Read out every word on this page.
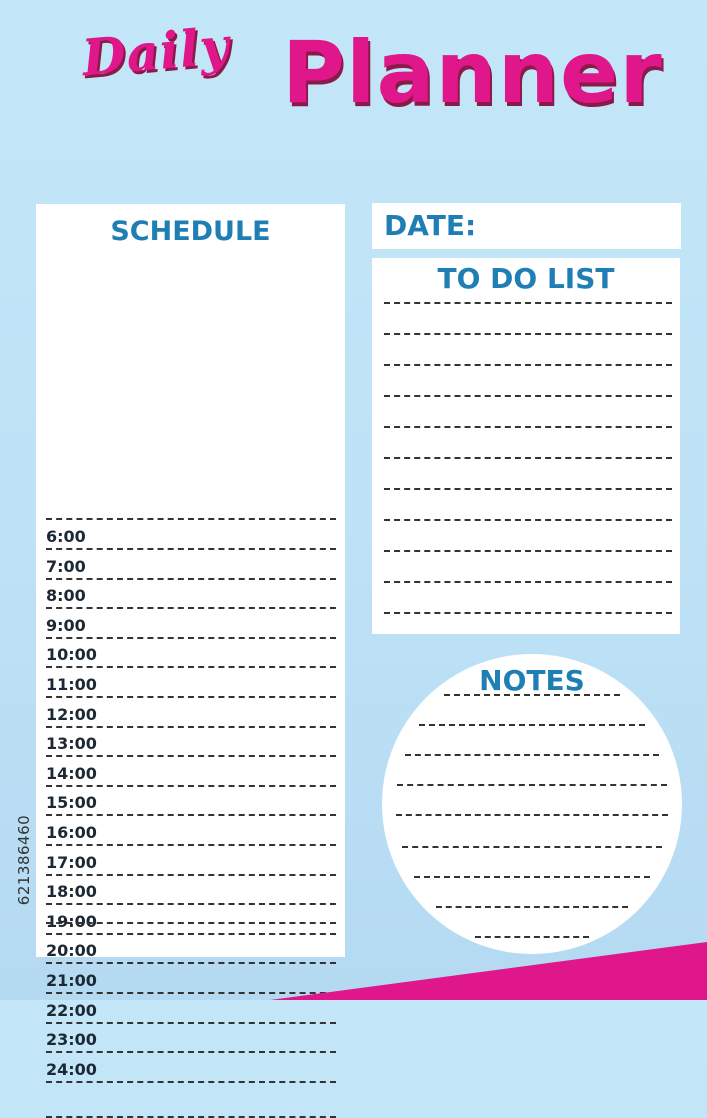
Daily Planner
SCHEDULE
6:00
7:00
8:00
9:00
10:00
11:00
12:00
13:00
14:00
15:00
16:00
17:00
18:00
19:00
20:00
21:00
22:00
23:00
24:00
DATE:
TO DO LIST
NOTES
621386460
